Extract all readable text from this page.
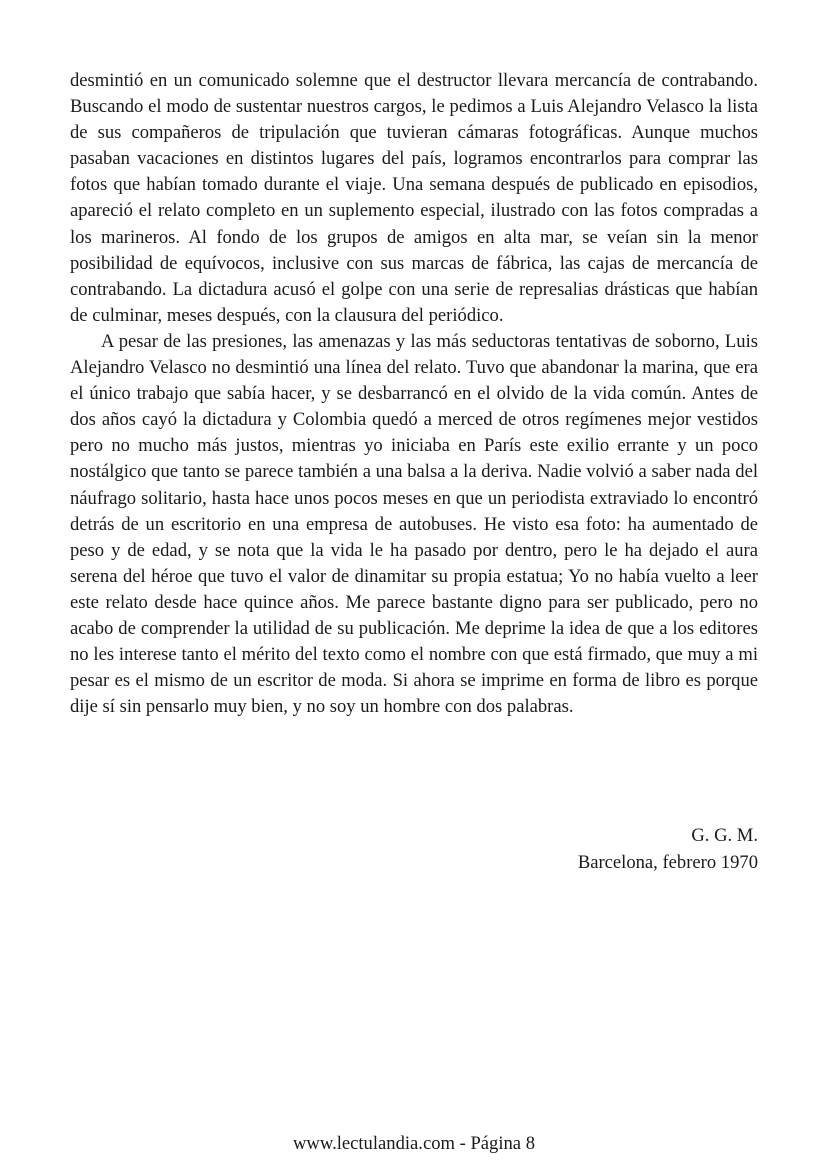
desmintió en un comunicado solemne que el destructor llevara mercancía de contrabando. Buscando el modo de sustentar nuestros cargos, le pedimos a Luis Alejandro Velasco la lista de sus compañeros de tripulación que tuvieran cámaras fotográficas. Aunque muchos pasaban vacaciones en distintos lugares del país, logramos encontrarlos para comprar las fotos que habían tomado durante el viaje. Una semana después de publicado en episodios, apareció el relato completo en un suplemento especial, ilustrado con las fotos compradas a los marineros. Al fondo de los grupos de amigos en alta mar, se veían sin la menor posibilidad de equívocos, inclusive con sus marcas de fábrica, las cajas de mercancía de contrabando. La dictadura acusó el golpe con una serie de represalias drásticas que habían de culminar, meses después, con la clausura del periódico.

A pesar de las presiones, las amenazas y las más seductoras tentativas de soborno, Luis Alejandro Velasco no desmintió una línea del relato. Tuvo que abandonar la marina, que era el único trabajo que sabía hacer, y se desbarrancó en el olvido de la vida común. Antes de dos años cayó la dictadura y Colombia quedó a merced de otros regímenes mejor vestidos pero no mucho más justos, mientras yo iniciaba en París este exilio errante y un poco nostálgico que tanto se parece también a una balsa a la deriva. Nadie volvió a saber nada del náufrago solitario, hasta hace unos pocos meses en que un periodista extraviado lo encontró detrás de un escritorio en una empresa de autobuses. He visto esa foto: ha aumentado de peso y de edad, y se nota que la vida le ha pasado por dentro, pero le ha dejado el aura serena del héroe que tuvo el valor de dinamitar su propia estatua; Yo no había vuelto a leer este relato desde hace quince años. Me parece bastante digno para ser publicado, pero no acabo de comprender la utilidad de su publicación. Me deprime la idea de que a los editores no les interese tanto el mérito del texto como el nombre con que está firmado, que muy a mi pesar es el mismo de un escritor de moda. Si ahora se imprime en forma de libro es porque dije sí sin pensarlo muy bien, y no soy un hombre con dos palabras.

G. G. M.
Barcelona, febrero 1970
www.lectulandia.com - Página 8
